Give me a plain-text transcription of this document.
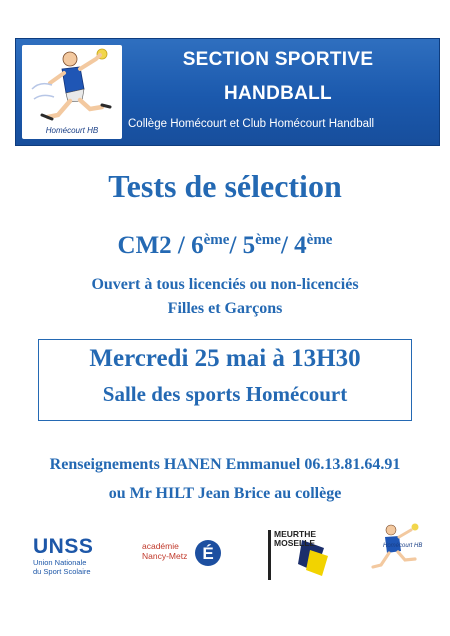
Homécourt HB
SECTION SPORTIVE
HANDBALL
Collège Homécourt et Club Homécourt Handball
Tests de sélection
CM2 / 6ème/ 5ème/ 4ème
Ouvert à tous licenciés ou non-licenciés
Filles et Garçons
Mercredi 25 mai à 13H30
Salle des sports Homécourt
Renseignements HANEN Emmanuel 06.13.81.64.91
ou Mr HILT Jean Brice au collège
UNSS
Union Nationale
du Sport Scolaire
É
académie
Nancy-Metz
MEURTHE
MOSELLE	Homécourt HB
